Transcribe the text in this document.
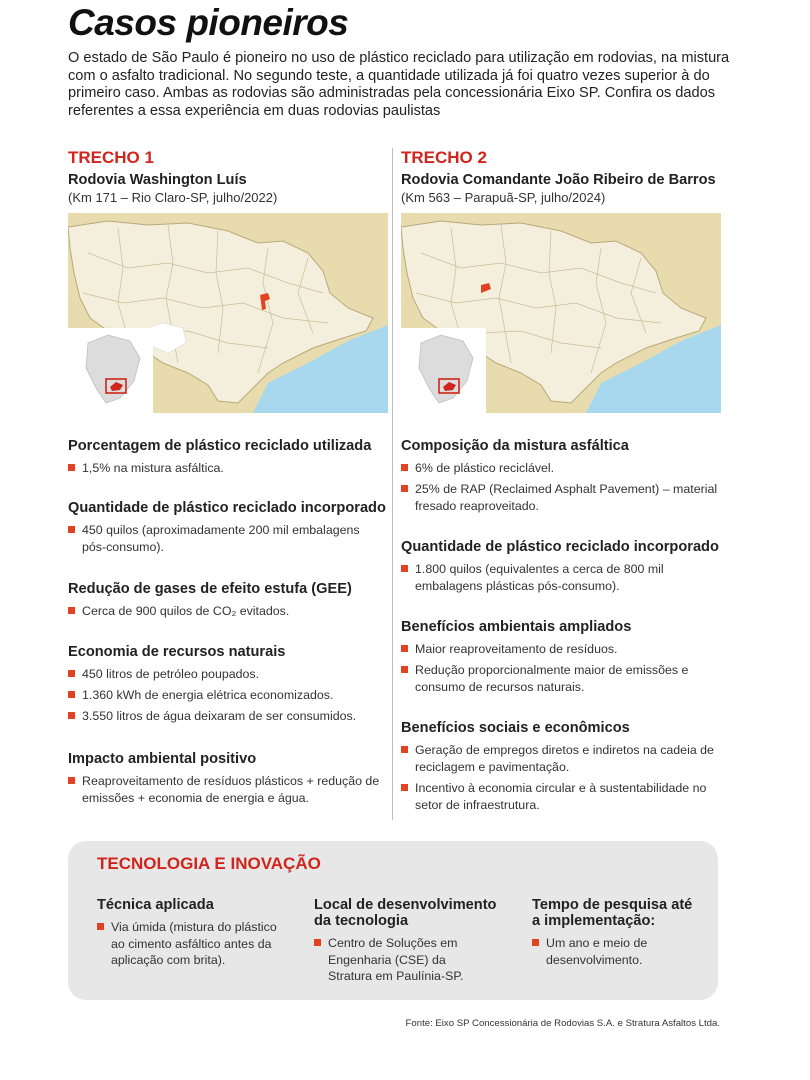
Casos pioneiros

O estado de São Paulo é pioneiro no uso de plástico reciclado para utilização em rodovias, na mistura com o asfalto tradicional. No segundo teste, a quantidade utilizada já foi quatro vezes superior à do primeiro caso. Ambas as rodovias são administradas pela concessionária Eixo SP. Confira os dados referentes a essa experiência em duas rodovias paulistas

TRECHO 1
Rodovia Washington Luís
(Km 171 – Rio Claro-SP, julho/2022)
TRECHO 2
Rodovia Comandante João Ribeiro de Barros
(Km 563 – Parapuã-SP, julho/2024)
Porcentagem de plástico reciclado utilizada
1,5% na mistura asfáltica.
Quantidade de plástico reciclado incorporado
450 quilos (aproximadamente 200 mil embalagens pós-consumo).
Redução de gases de efeito estufa (GEE)
Cerca de 900 quilos de CO₂ evitados.
Economia de recursos naturais
450 litros de petróleo poupados.
1.360 kWh de energia elétrica economizados.
3.550 litros de água deixaram de ser consumidos.
Impacto ambiental positivo
Reaproveitamento de resíduos plásticos + redução de emissões + economia de energia e água.
Composição da mistura asfáltica
6% de plástico reciclável.
25% de RAP (Reclaimed Asphalt Pavement) – material fresado reaproveitado.
Quantidade de plástico reciclado incorporado
1.800 quilos (equivalentes a cerca de 800 mil embalagens plásticas pós-consumo).
Benefícios ambientais ampliados
Maior reaproveitamento de resíduos.
Redução proporcionalmente maior de emissões e consumo de recursos naturais.
Benefícios sociais e econômicos
Geração de empregos diretos e indiretos na cadeia de reciclagem e pavimentação.
Incentivo à economia circular e à sustentabilidade no setor de infraestrutura.
TECNOLOGIA E INOVAÇÃO
Técnica aplicada
Via úmida (mistura do plástico ao cimento asfáltico antes da aplicação com brita).
Local de desenvolvimento da tecnologia
Centro de Soluções em Engenharia (CSE) da Stratura em Paulínia-SP.
Tempo de pesquisa até a implementação:
Um ano e meio de desenvolvimento.
Fonte: Eixo SP Concessionária de Rodovias S.A. e Stratura Asfaltos Ltda.
